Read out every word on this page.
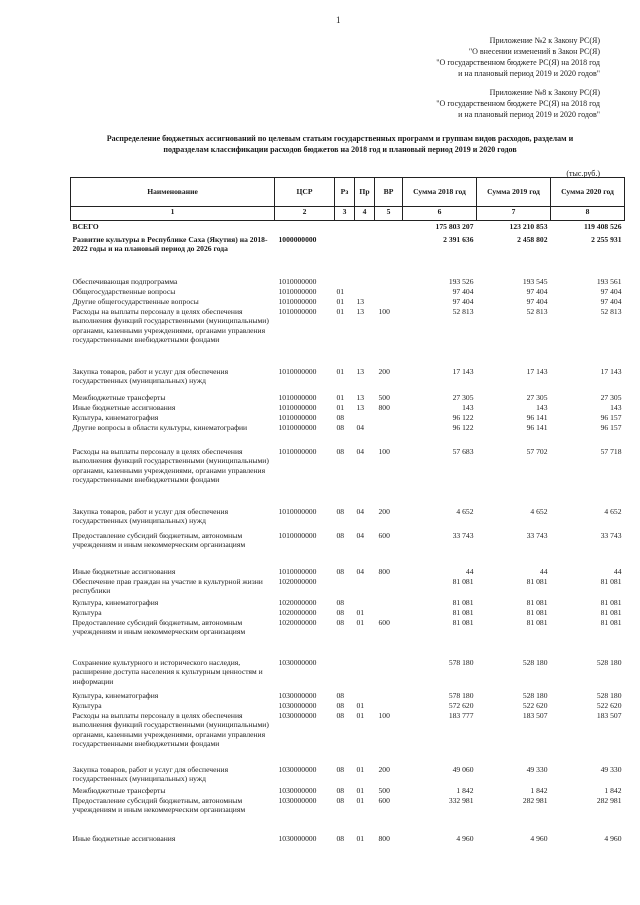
1
Приложение №2 к Закону РС(Я)
"О внесении изменений в Закон РС(Я)
"О государственном бюджете РС(Я) на 2018 год
и на плановый период 2019 и 2020 годов"
Приложение №8 к Закону РС(Я)
"О государственном бюджете РС(Я) на 2018 год
и на плановый период 2019 и 2020 годов"
Распределение бюджетных ассигнований по целевым статьям государственных программ и группам видов расходов, разделам и
подразделам классификации расходов бюджетов на 2018 год и плановый период 2019 и 2020 годов
(тыс.руб.)
Наименование	ЦСР	Рз	Пр	ВР	Сумма 2018 год	Сумма 2019 год	Сумма 2020 год
1	2	3	4	5	6	7	8
ВСЕГО					175 803 207	123 210 853	119 408 526
Развитие культуры в Республике Саха (Якутия) на 2018-2022 годы и на плановый период до 2026 года	1000000000				2 391 636	2 458 802	2 255 931
Обеспечивающая подпрограмма	1010000000				193 526	193 545	193 561
Общегосударственные вопросы	1010000000	01			97 404	97 404	97 404
Другие общегосударственные вопросы	1010000000	01	13		97 404	97 404	97 404
Расходы на выплаты персоналу в целях обеспечения выполнения функций государственными (муниципальными) органами, казенными учреждениями, органами управления государственными внебюджетными фондами	1010000000	01	13	100	52 813	52 813	52 813
Закупка товаров, работ и услуг для обеспечения государственных (муниципальных) нужд	1010000000	01	13	200	17 143	17 143	17 143
Межбюджетные трансферты	1010000000	01	13	500	27 305	27 305	27 305
Иные бюджетные ассигнования	1010000000	01	13	800	143	143	143
Культура, кинематография	1010000000	08			96 122	96 141	96 157
Другие вопросы в области культуры, кинематографии	1010000000	08	04		96 122	96 141	96 157
Расходы на выплаты персоналу в целях обеспечения выполнения функций государственными (муниципальными) органами, казенными учреждениями, органами управления государственными внебюджетными фондами	1010000000	08	04	100	57 683	57 702	57 718
Закупка товаров, работ и услуг для обеспечения государственных (муниципальных) нужд	1010000000	08	04	200	4 652	4 652	4 652
Предоставление субсидий бюджетным, автономным учреждениям и иным некоммерческим организациям	1010000000	08	04	600	33 743	33 743	33 743
Иные бюджетные ассигнования	1010000000	08	04	800	44	44	44
Обеспечение прав граждан на участие в культурной жизни республики	1020000000				81 081	81 081	81 081
Культура, кинематография	1020000000	08			81 081	81 081	81 081
Культура	1020000000	08	01		81 081	81 081	81 081
Предоставление субсидий бюджетным, автономным учреждениям и иным некоммерческим организациям	1020000000	08	01	600	81 081	81 081	81 081
Сохранение культурного и исторического наследия, расширение доступа населения к культурным ценностям и информации	1030000000				578 180	528 180	528 180
Культура, кинематография	1030000000	08			578 180	528 180	528 180
Культура	1030000000	08	01		572 620	522 620	522 620
Расходы на выплаты персоналу в целях обеспечения выполнения функций государственными (муниципальными) органами, казенными учреждениями, органами управления государственными внебюджетными фондами	1030000000	08	01	100	183 777	183 507	183 507
Закупка товаров, работ и услуг для обеспечения государственных (муниципальных) нужд	1030000000	08	01	200	49 060	49 330	49 330
Межбюджетные трансферты	1030000000	08	01	500	1 842	1 842	1 842
Предоставление субсидий бюджетным, автономным учреждениям и иным некоммерческим организациям	1030000000	08	01	600	332 981	282 981	282 981
Иные бюджетные ассигнования	1030000000	08	01	800	4 960	4 960	4 960
